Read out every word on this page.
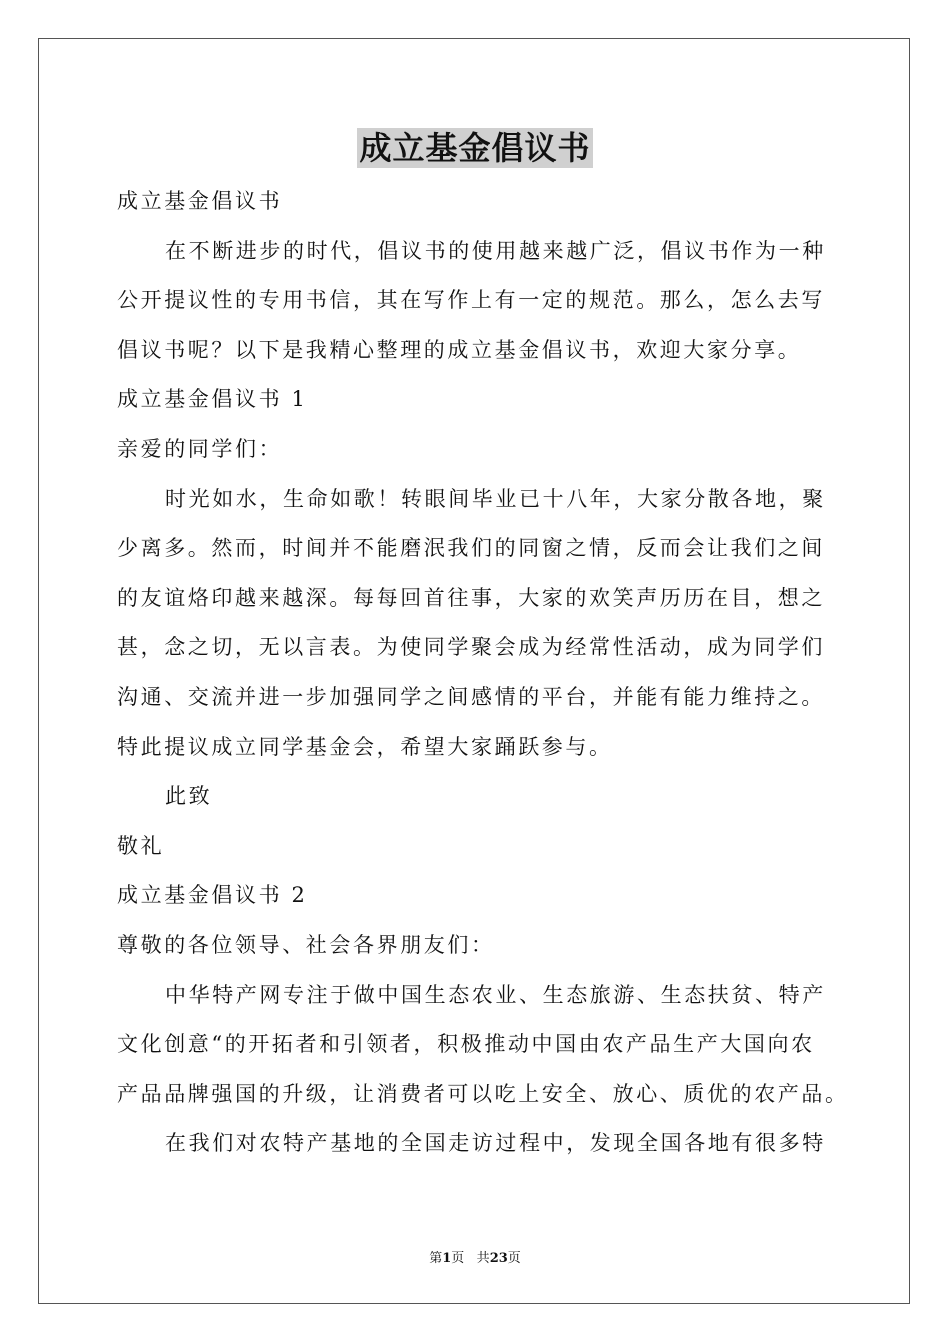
成立基金倡议书
成立基金倡议书
在不断进步的时代，倡议书的使用越来越广泛，倡议书作为一种
公开提议性的专用书信，其在写作上有一定的规范。那么，怎么去写
倡议书呢？以下是我精心整理的成立基金倡议书，欢迎大家分享。
成立基金倡议书 1
亲爱的同学们：
时光如水，生命如歌！转眼间毕业已十八年，大家分散各地，聚
少离多。然而，时间并不能磨泯我们的同窗之情，反而会让我们之间
的友谊烙印越来越深。每每回首往事，大家的欢笑声历历在目，想之
甚，念之切，无以言表。为使同学聚会成为经常性活动，成为同学们
沟通、交流并进一步加强同学之间感情的平台，并能有能力维持之。
特此提议成立同学基金会，希望大家踊跃参与。
此致
敬礼
成立基金倡议书 2
尊敬的各位领导、社会各界朋友们：
中华特产网专注于做中国生态农业、生态旅游、生态扶贫、特产
文化创意“的开拓者和引领者，积极推动中国由农产品生产大国向农
产品品牌强国的升级，让消费者可以吃上安全、放心、质优的农产品。
在我们对农特产基地的全国走访过程中，发现全国各地有很多特
第1页 共23页
